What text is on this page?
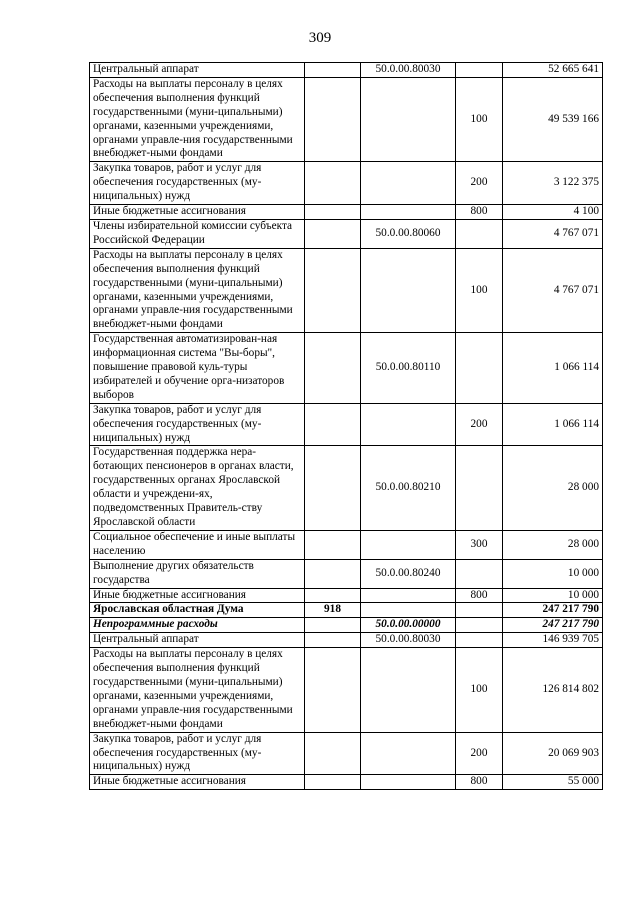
309
Центральный аппарат		50.0.00.80030		52 665 641
Расходы на выплаты персоналу в целях обеспечения выполнения функций государственными (муни-ципальными) органами, казенными учреждениями, органами управле-ния государственными внебюджет-ными фондами			100	49 539 166
Закупка товаров, работ и услуг для обеспечения государственных (му-ниципальных) нужд			200	3 122 375
Иные бюджетные ассигнования			800	4 100
Члены избирательной комиссии субъекта Российской Федерации		50.0.00.80060		4 767 071
Расходы на выплаты персоналу в целях обеспечения выполнения функций государственными (муни-ципальными) органами, казенными учреждениями, органами управле-ния государственными внебюджет-ными фондами			100	4 767 071
Государственная автоматизирован-ная информационная система "Вы-боры", повышение правовой куль-туры избирателей и обучение орга-низаторов выборов		50.0.00.80110		1 066 114
Закупка товаров, работ и услуг для обеспечения государственных (му-ниципальных) нужд			200	1 066 114
Государственная поддержка нера-ботающих пенсионеров в органах власти, государственных органах Ярославской области и учреждени-ях, подведомственных Правитель-ству Ярославской области		50.0.00.80210		28 000
Социальное обеспечение и иные выплаты населению			300	28 000
Выполнение других обязательств государства		50.0.00.80240		10 000
Иные бюджетные ассигнования			800	10 000
Ярославская областная Дума	918			247 217 790
Непрограммные расходы		50.0.00.00000		247 217 790
Центральный аппарат		50.0.00.80030		146 939 705
Расходы на выплаты персоналу в целях обеспечения выполнения функций государственными (муни-ципальными) органами, казенными учреждениями, органами управле-ния государственными внебюджет-ными фондами			100	126 814 802
Закупка товаров, работ и услуг для обеспечения государственных (му-ниципальных) нужд			200	20 069 903
Иные бюджетные ассигнования			800	55 000
